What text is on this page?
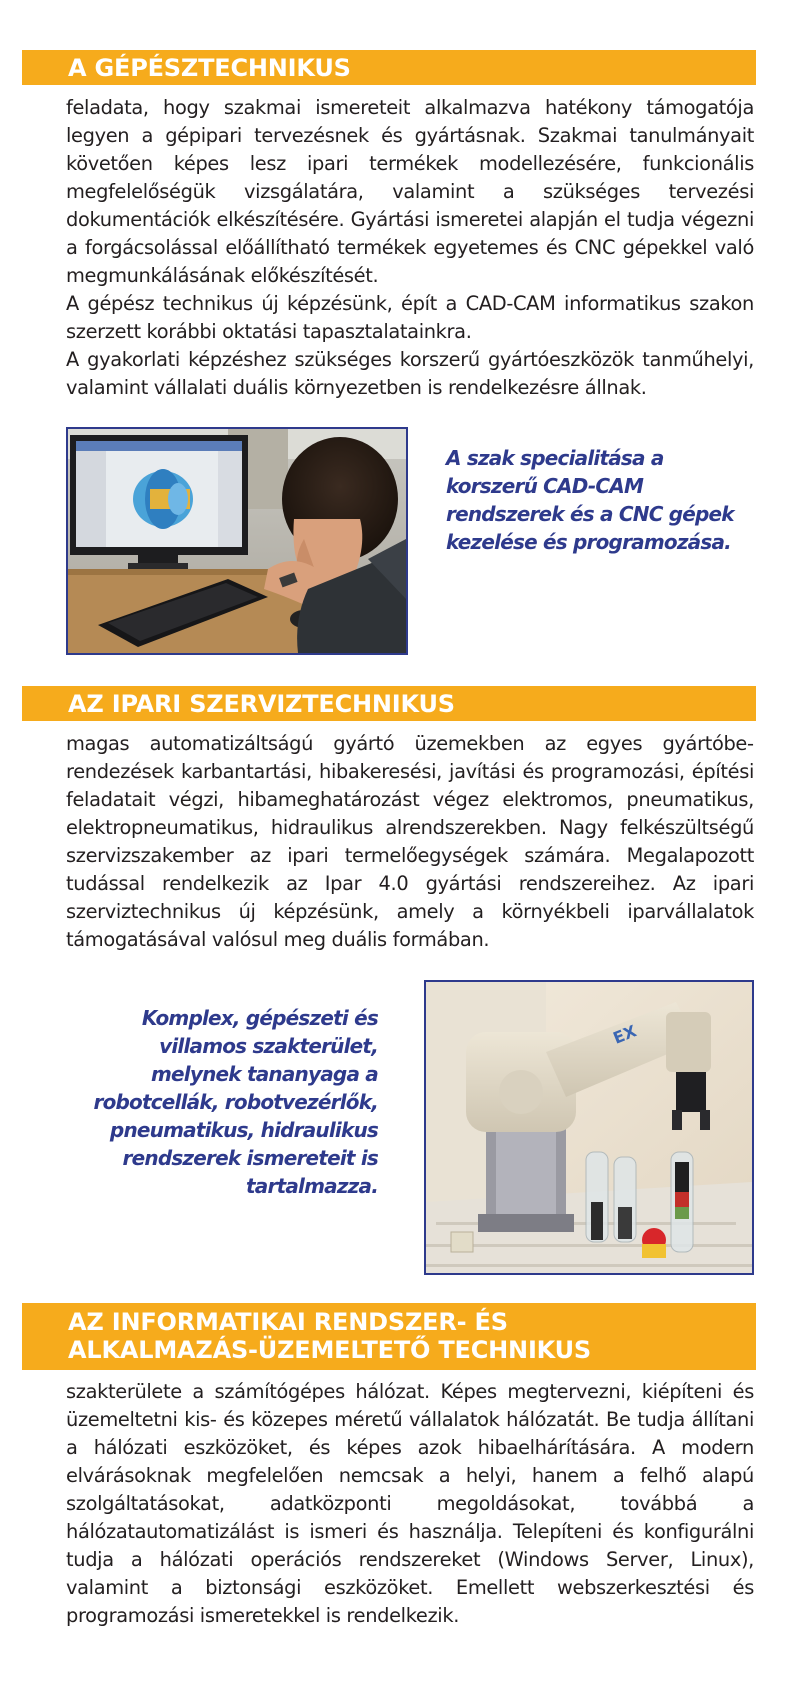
A GÉPÉSZTECHNIKUS

feladata, hogy szakmai ismereteit alkalmazva hatékony támogatója legyen a gépipari tervezésnek és gyártásnak. Szakmai tanulmányait követően képes lesz ipari termékek modellezésére, funkcionális megfelelőségük vizsgálatára, valamint a szükséges tervezési dokumentációk elkészítésére. Gyártási ismeretei alapján el tudja végezni a forgácsolással előállítható termékek egyetemes és CNC gépekkel való megmunkálásának előkészítését.

A gépész technikus új képzésünk, épít a CAD-CAM informatikus szakon szerzett korábbi oktatási tapasztalatainkra.

A gyakorlati képzéshez szükséges korszerű gyártóeszközök tanműhelyi, valamint vállalati duális környezetben is rendelkezésre állnak.

A szak specialitása a
korszerű CAD-CAM
rendszerek és a CNC gépek
kezelése és programozása.
AZ IPARI SZERVIZTECHNIKUS

magas automatizáltságú gyártó üzemekben az egyes gyártóberendezések karbantartási, hibakeresési, javítási és programozási, építési feladatait végzi, hibameghatározást végez elektromos, pneumatikus, elektropneumatikus, hidraulikus alrendszerekben. Nagy felkészültségű szervizszakember az ipari termelőegységek számára. Megalapozott tudással rendelkezik az Ipar 4.0 gyártási rendszereihez. Az ipari szerviztechnikus új képzésünk, amely a környékbeli iparvállalatok támogatásával valósul meg duális formában.

EX
Komplex, gépészeti és
villamos szakterület,
melynek tananyaga a
robotcellák, robotvezérlők,
pneumatikus, hidraulikus
rendszerek ismereteit is
tartalmazza.
AZ INFORMATIKAI RENDSZER- ÉS
ALKALMAZÁS-ÜZEMELTETŐ TECHNIKUS

szakterülete a számítógépes hálózat. Képes megtervezni, kiépíteni és üzemeltetni kis- és közepes méretű vállalatok hálózatát. Be tudja állítani a hálózati eszközöket, és képes azok hibaelhárítására. A modern elvárásoknak megfelelően nemcsak a helyi, hanem a felhő alapú szolgáltatásokat, adatközponti megoldásokat, továbbá a hálózatautomatizálást is ismeri és használja. Telepíteni és konfigurálni tudja a hálózati operációs rendszereket (Windows Server, Linux), valamint a biztonsági eszközöket. Emellett webszerkesztési és programozási ismeretekkel is rendelkezik.
